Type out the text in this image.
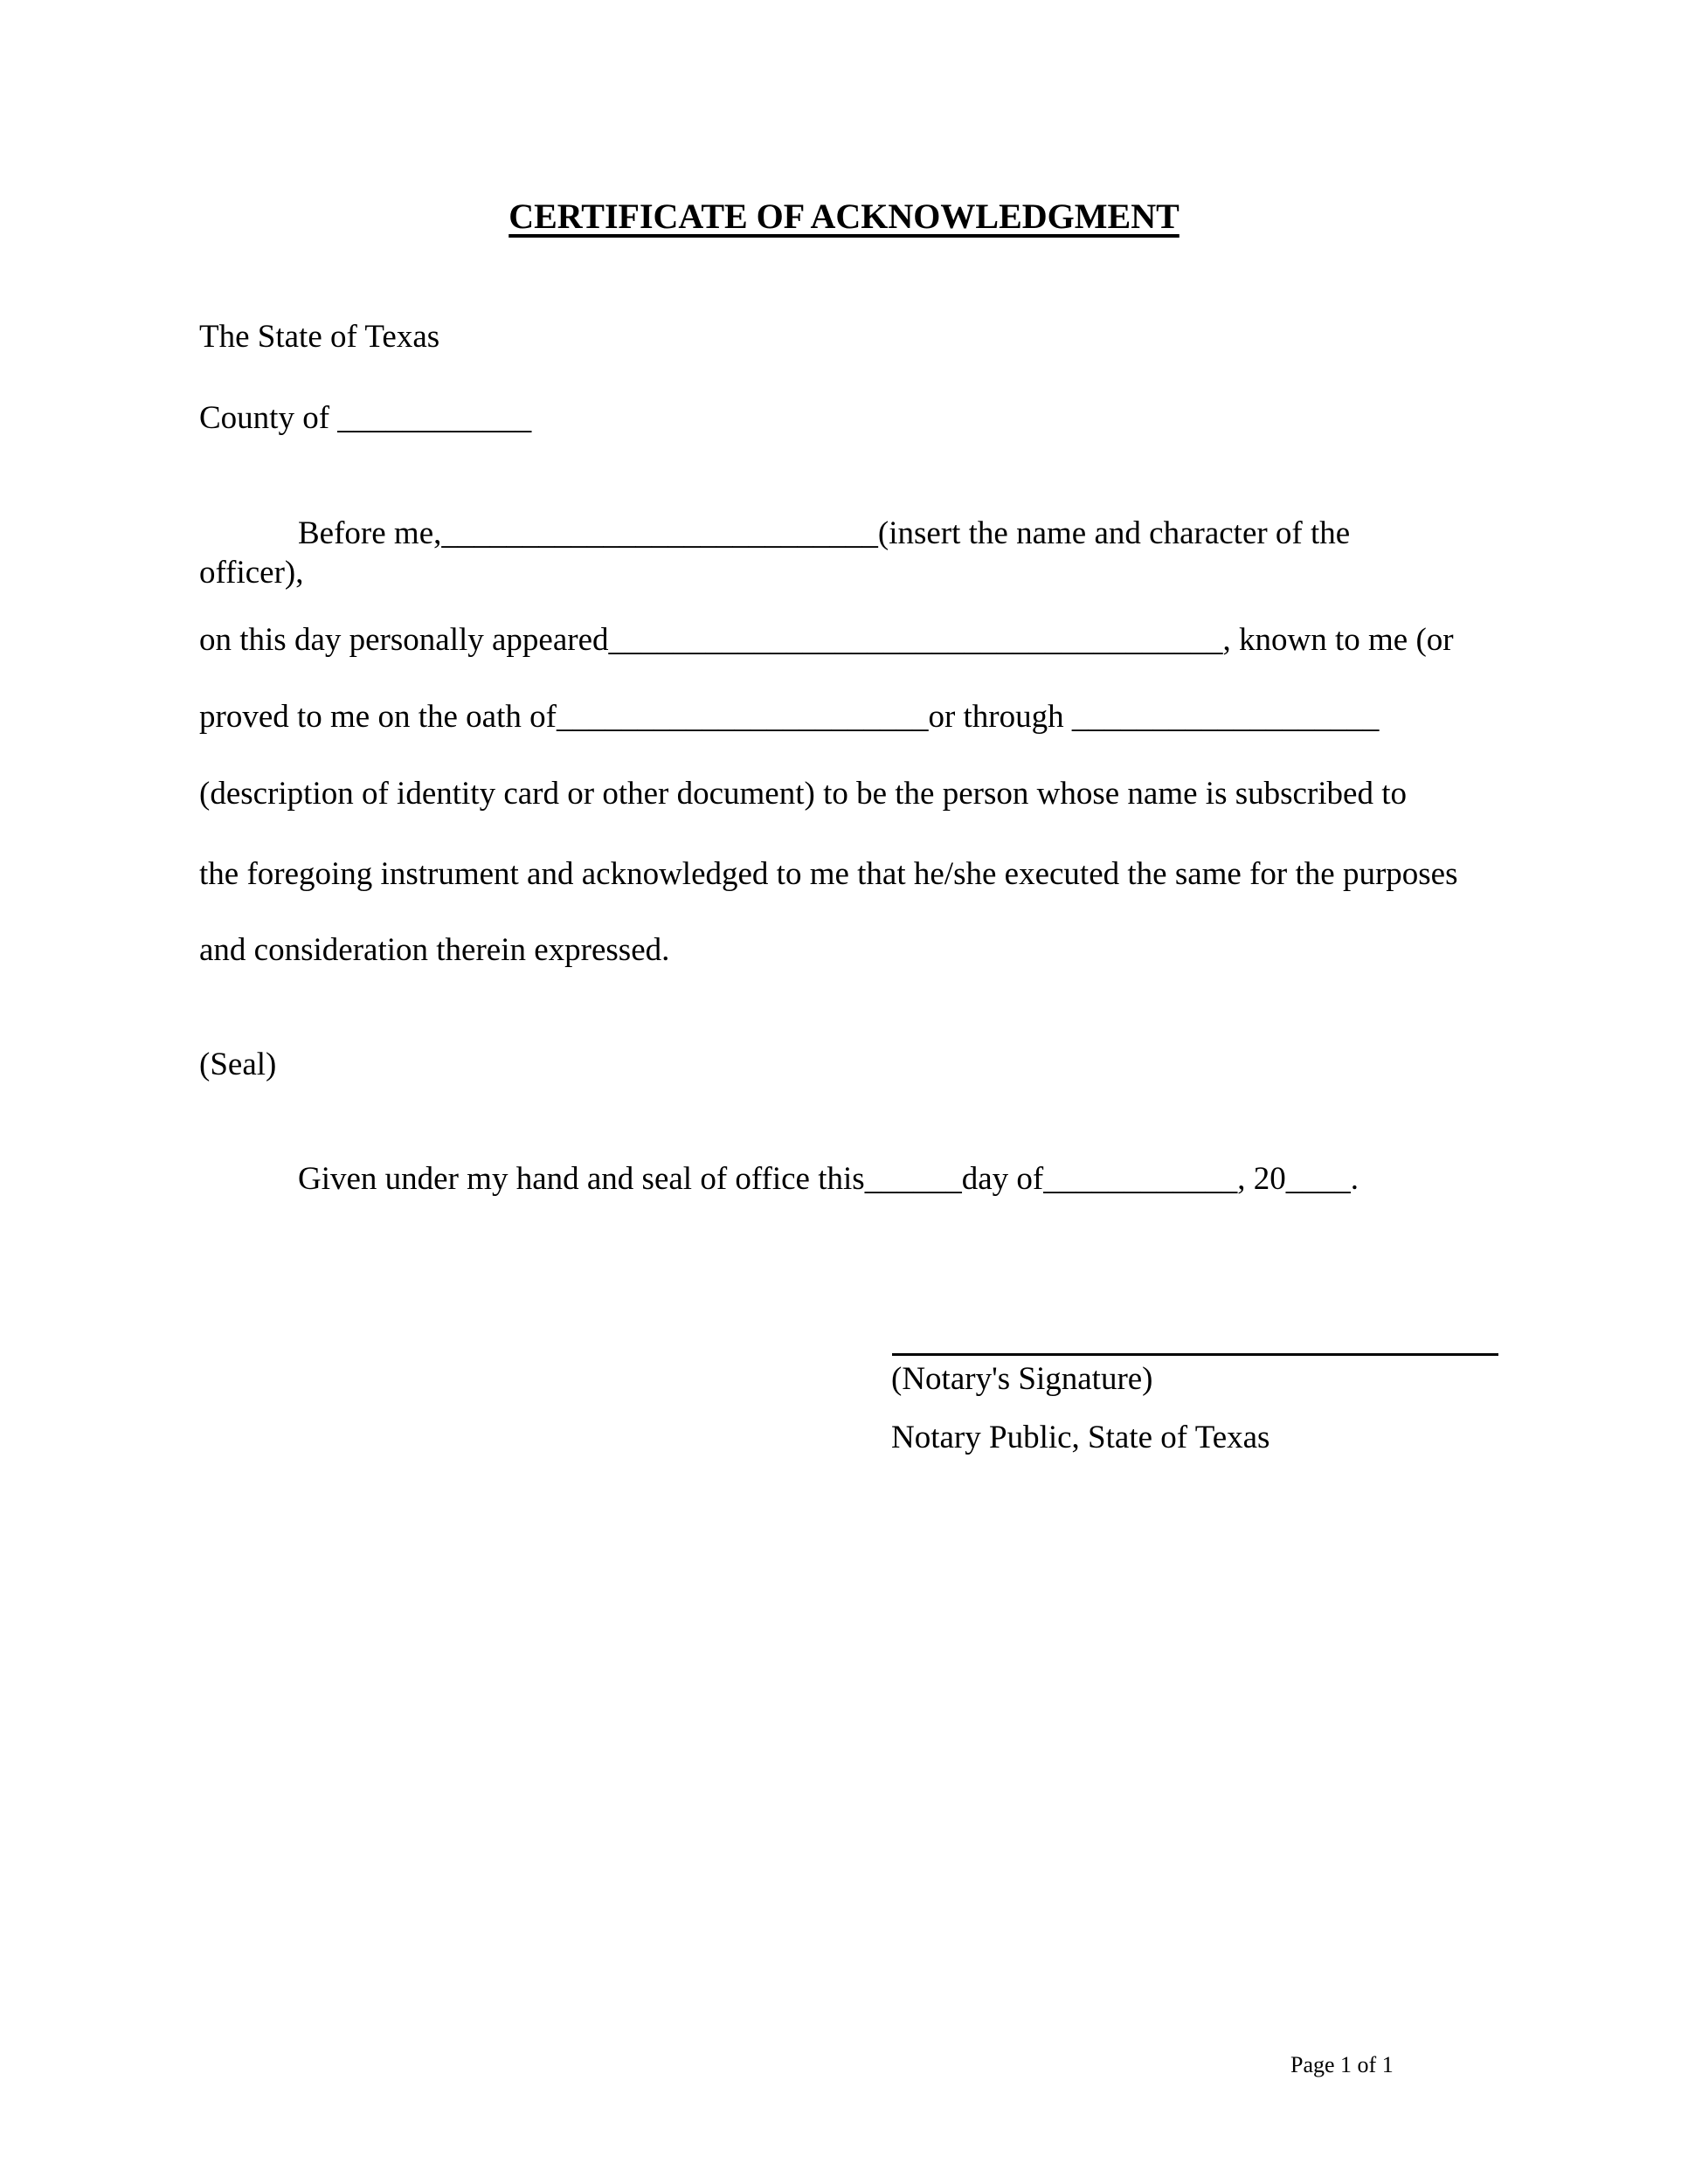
CERTIFICATE OF ACKNOWLEDGMENT
The State of Texas
County of ____________
Before me,___________________________(insert the name and character of the
officer),
on this day personally appeared______________________________________, known to me (or
proved to me on the oath of_______________________or through ___________________
(description of identity card or other document) to be the person whose name is subscribed to
the foregoing instrument and acknowledged to me that he/she executed the same for the purposes
and consideration therein expressed.
(Seal)
Given under my hand and seal of office this______day of____________, 20____.
(Notary's Signature)
Notary Public, State of Texas
Page 1 of 1
